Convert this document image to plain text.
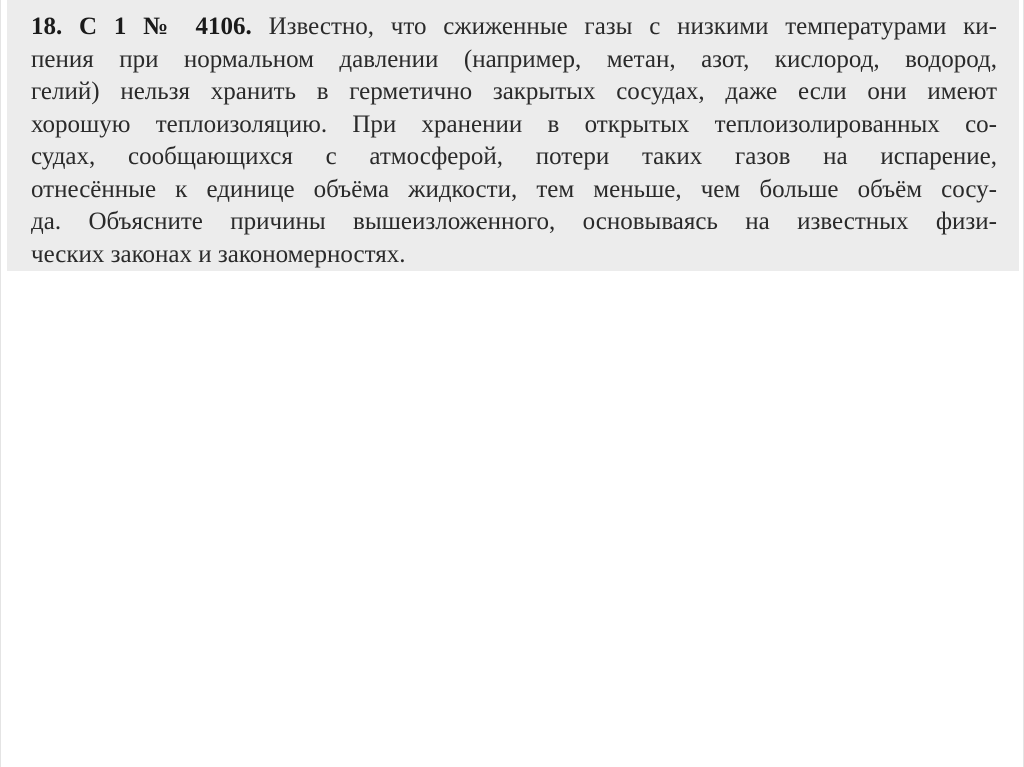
18. С 1 № 4106. Известно, что сжиженные газы с низкими температурами ки-
пения при нормальном давлении (например, метан, азот, кислород, водород,
гелий) нельзя хранить в герметично закрытых сосудах, даже если они имеют
хорошую теплоизоляцию. При хранении в открытых теплоизолированных со-
судах, сообщающихся с атмосферой, потери таких газов на испарение,
отнесённые к единице объёма жидкости, тем меньше, чем больше объём сосу-
да. Объясните причины вышеизложенного, основываясь на известных физи-
ческих законах и закономерностях.
